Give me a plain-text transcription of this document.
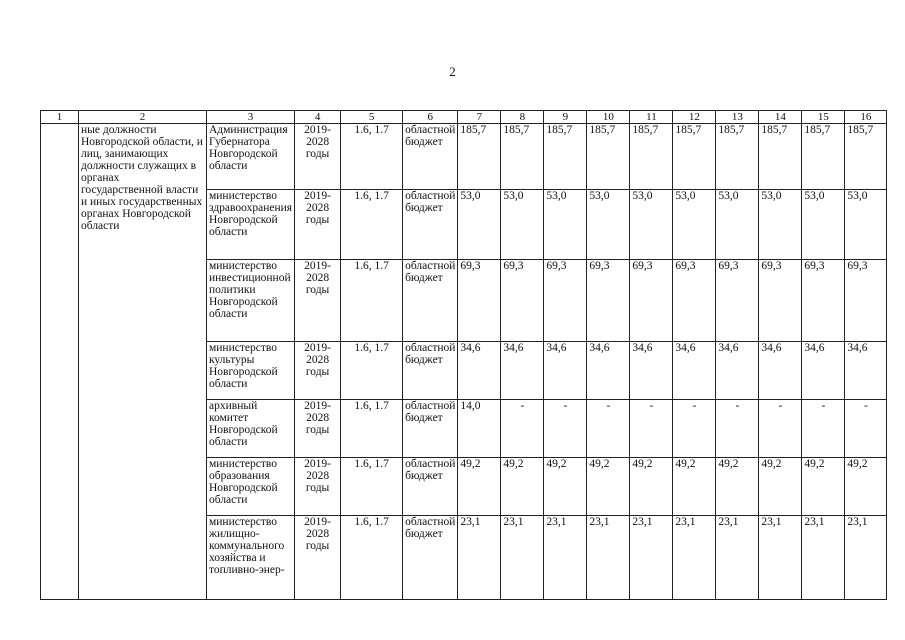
2
1	2	3	4	5	6	7	8	9	10	11	12	13	14	15	16
	ные должности Новгородской области, и лиц, занимающих должности служащих в органах государственной власти и иных государственных органах Новгородской области	Администрация Губернатора Новгородской области	2019-2028 годы	1.6, 1.7	областной бюджет	185,7	185,7	185,7	185,7	185,7	185,7	185,7	185,7	185,7	185,7
		министерство здравоохранения Новгородской области	2019-2028 годы	1.6, 1.7	областной бюджет	53,0	53,0	53,0	53,0	53,0	53,0	53,0	53,0	53,0	53,0
		министерство инвестиционной политики Новгородской области	2019-2028 годы	1.6, 1.7	областной бюджет	69,3	69,3	69,3	69,3	69,3	69,3	69,3	69,3	69,3	69,3
		министерство культуры Новгородской области	2019-2028 годы	1.6, 1.7	областной бюджет	34,6	34,6	34,6	34,6	34,6	34,6	34,6	34,6	34,6	34,6
		архивный комитет Новгородской области	2019-2028 годы	1.6, 1.7	областной бюджет	14,0	-	-	-	-	-	-	-	-	-
		министерство образования Новгородской области	2019-2028 годы	1.6, 1.7	областной бюджет	49,2	49,2	49,2	49,2	49,2	49,2	49,2	49,2	49,2	49,2
		министерство жилищно-коммунального хозяйства и топливно-энер-	2019-2028 годы	1.6, 1.7	областной бюджет	23,1	23,1	23,1	23,1	23,1	23,1	23,1	23,1	23,1	23,1
